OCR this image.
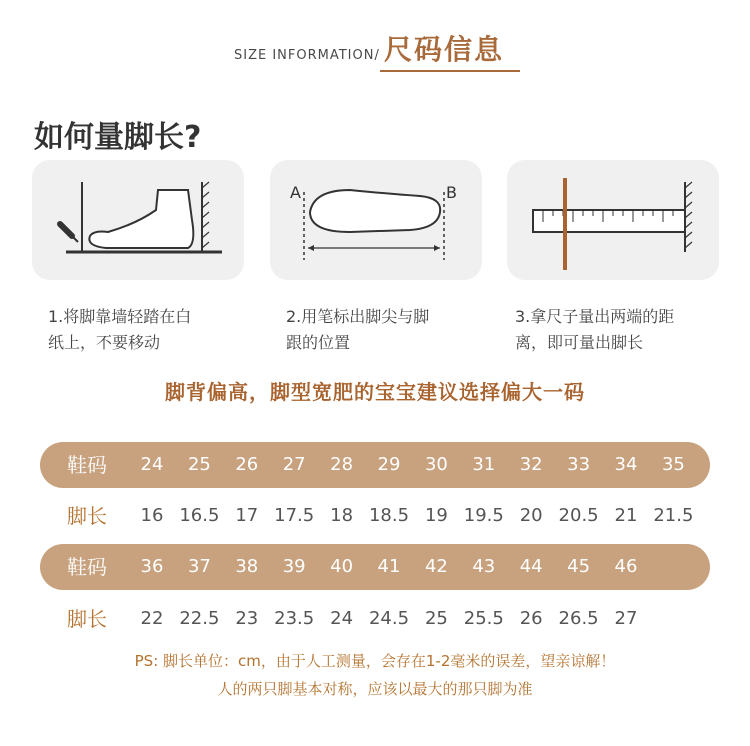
SIZE INFORMATION/ 尺码信息
如何量脚长?
A	B
1.将脚靠墙轻踏在白
纸上，不要移动
2.用笔标出脚尖与脚
跟的位置
3.拿尺子量出两端的距
离，即可量出脚长
脚背偏高，脚型宽肥的宝宝建议选择偏大一码
鞋码	24	25	26	27	28	29	30	31	32	33	34	35
脚长	16 16.5 17 17.5 18 18.5 19 19.5 20 20.5 21 21.5
鞋码	36	37	38	39	40	41	42	43	44	45	46
脚长	22 22.5 23 23.5 24 24.5 25 25.5 26 26.5 27
PS: 脚长单位：cm，由于人工测量，会存在1-2毫米的误差，望亲谅解！
人的两只脚基本对称，应该以最大的那只脚为准
